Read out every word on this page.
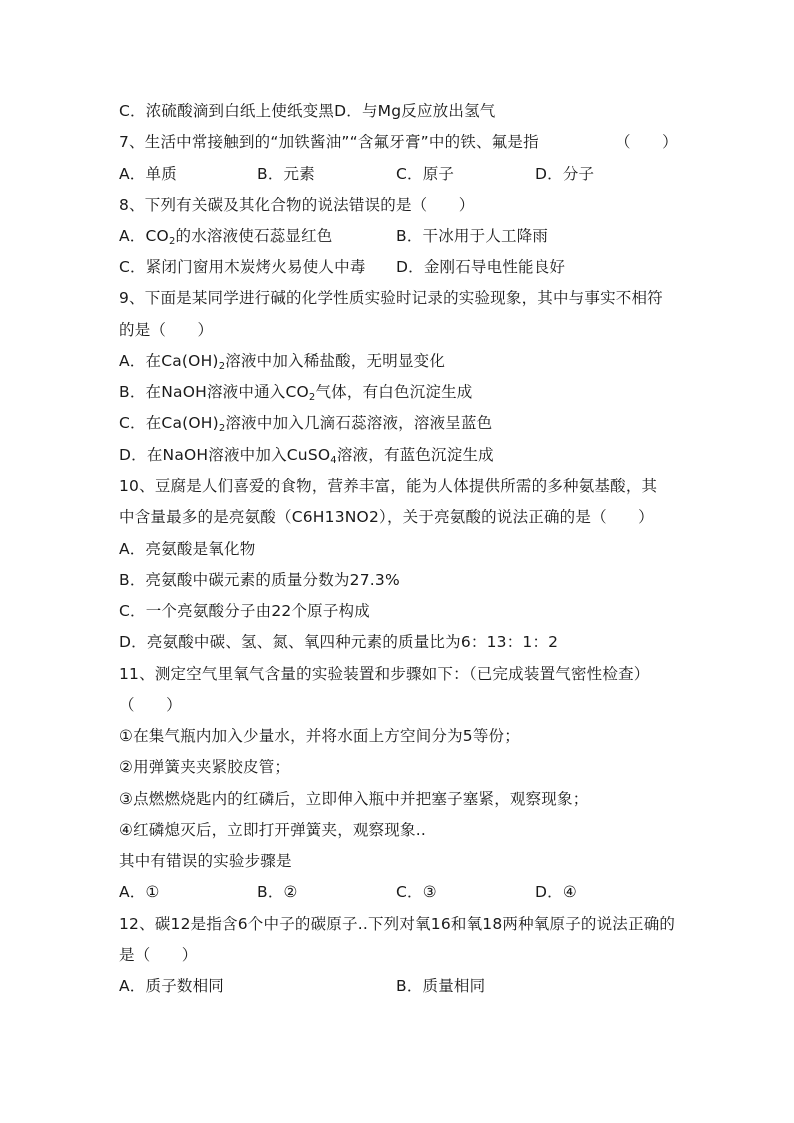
C．浓硫酸滴到白纸上使纸变黑D．与Mg反应放出氢气
7、生活中常接触到的“加铁酱油”“含氟牙膏”中的铁、氟是指	（　　）
A．单质	B．元素	C．原子	D．分子
8、下列有关碳及其化合物的说法错误的是（　　）
A．$CO_2$的水溶液使石蕊显红色	B．干冰用于人工降雨
C．紧闭门窗用木炭烤火易使人中毒 D．金刚石导电性能良好
9、下面是某同学进行碱的化学性质实验时记录的实验现象，其中与事实不相符
的是（　　）
A．在$Ca(OH)_2$溶液中加入稀盐酸，无明显变化
B．在NaOH溶液中通入$CO_2$气体，有白色沉淀生成
C．在$Ca(OH)_2$溶液中加入几滴石蕊溶液，溶液呈蓝色
D．在NaOH溶液中加入CuSO$_4$溶液，有蓝色沉淀生成
10、豆腐是人们喜爱的食物，营养丰富，能为人体提供所需的多种氨基酸，其
中含量最多的是亮氨酸（C6H13NO2），关于亮氨酸的说法正确的是（　　）
A．亮氨酸是氧化物
B．亮氨酸中碳元素的质量分数为27.3%
C．一个亮氨酸分子由22个原子构成
D．亮氨酸中碳、氢、氮、氧四种元素的质量比为6：13：1：2
11、测定空气里氧气含量的实验装置和步骤如下：（已完成装置气密性检查）
（　　）
①在集气瓶内加入少量水，并将水面上方空间分为5等份；
②用弹簧夹夹紧胶皮管；
③点燃燃烧匙内的红磷后，立即伸入瓶中并把塞子塞紧，观察现象；
④红磷熄灭后，立即打开弹簧夹，观察现象..
其中有错误的实验步骤是
A．①	B．②	C．③	D．④
12、碳12是指含6个中子的碳原子..下列对氧16和氧18两种氧原子的说法正确的
是（　　）
A．质子数相同	B．质量相同
